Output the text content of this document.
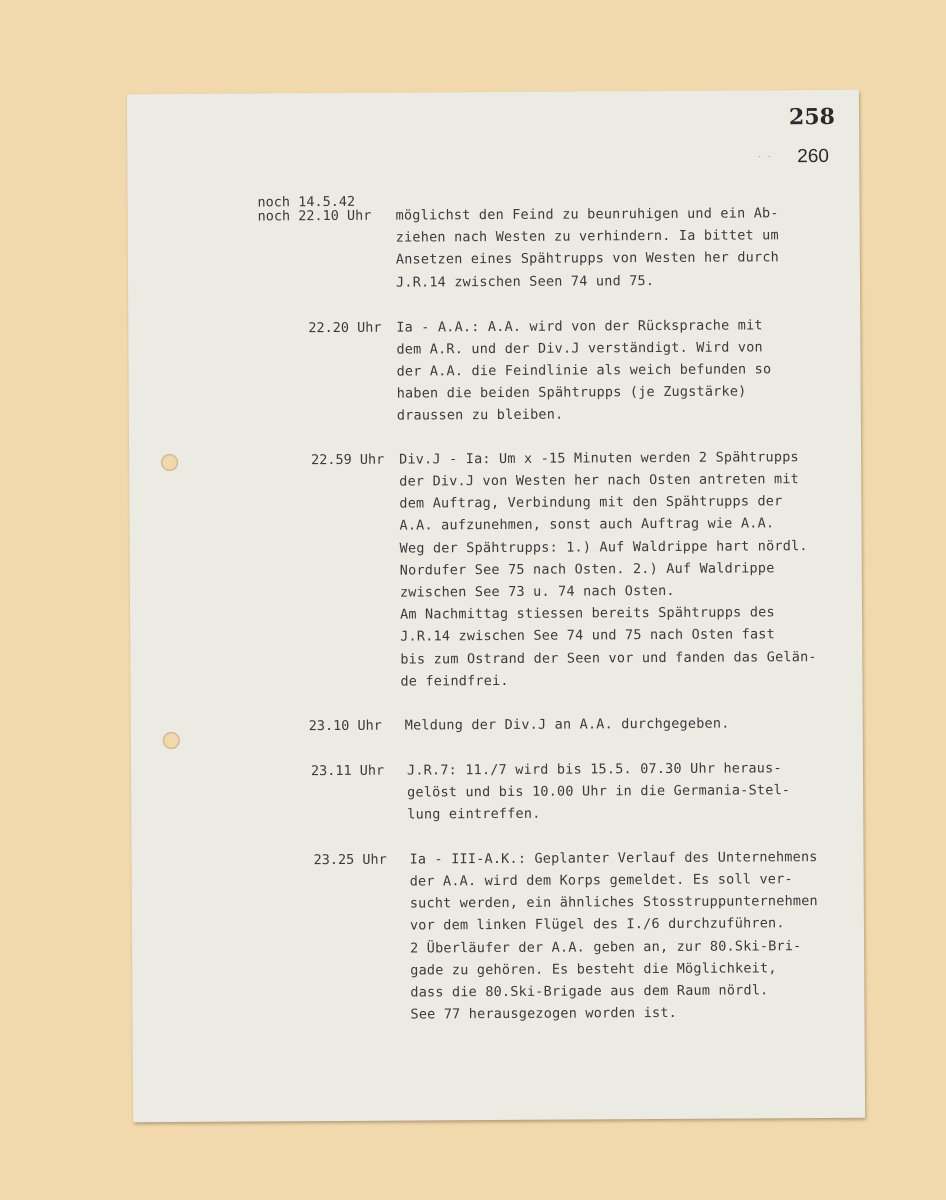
258
· · 260
noch 14.5.42
noch 22.10 Uhr möglichst den Feind zu beunruhigen und ein Ab-
ziehen nach Westen zu verhindern. Ia bittet um
Ansetzen eines Spähtrupps von Westen her durch
J.R.14 zwischen Seen 74 und 75.
22.20 Uhr Ia - A.A.: A.A. wird von der Rücksprache mit
dem A.R. und der Div.J verständigt. Wird von
der A.A. die Feindlinie als weich befunden so
haben die beiden Spähtrupps (je Zugstärke)
draussen zu bleiben.
22.59 Uhr Div.J - Ia: Um x -15 Minuten werden 2 Spähtrupps
der Div.J von Westen her nach Osten antreten mit
dem Auftrag, Verbindung mit den Spähtrupps der
A.A. aufzunehmen, sonst auch Auftrag wie A.A.
Weg der Spähtrupps: 1.) Auf Waldrippe hart nördl.
Nordufer See 75 nach Osten. 2.) Auf Waldrippe
zwischen See 73 u. 74 nach Osten.
Am Nachmittag stiessen bereits Spähtrupps des
J.R.14 zwischen See 74 und 75 nach Osten fast
bis zum Ostrand der Seen vor und fanden das Gelän-
de feindfrei.
23.10 Uhr Meldung der Div.J an A.A. durchgegeben.
23.11 Uhr J.R.7: 11./7 wird bis 15.5. 07.30 Uhr heraus-
gelöst und bis 10.00 Uhr in die Germania-Stel-
lung eintreffen.
23.25 Uhr Ia - III-A.K.: Geplanter Verlauf des Unternehmens
der A.A. wird dem Korps gemeldet. Es soll ver-
sucht werden, ein ähnliches Stosstruppunternehmen
vor dem linken Flügel des I./6 durchzuführen.
2 Überläufer der A.A. geben an, zur 80.Ski-Bri-
gade zu gehören. Es besteht die Möglichkeit,
dass die 80.Ski-Brigade aus dem Raum nördl.
See 77 herausgezogen worden ist.
